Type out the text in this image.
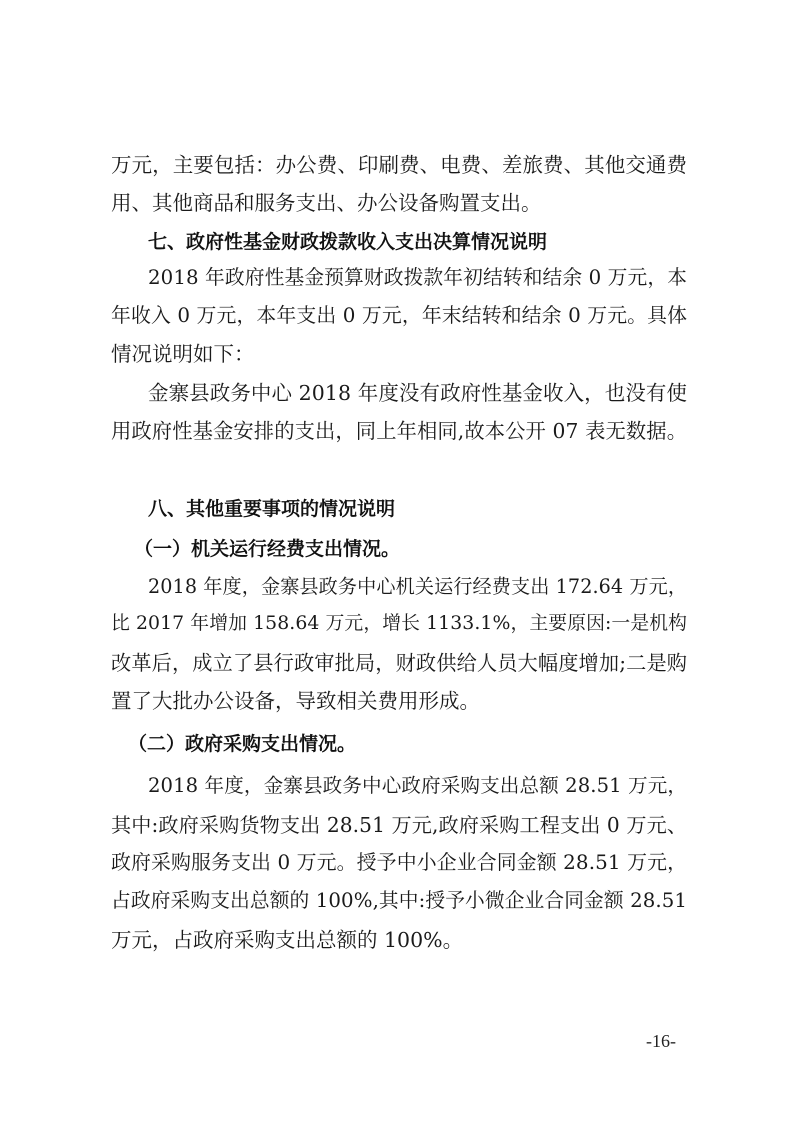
万元，主要包括：办公费、印刷费、电费、差旅费、其他交通费
用、其他商品和服务支出、办公设备购置支出。
七、政府性基金财政拨款收入支出决算情况说明
2018 年政府性基金预算财政拨款年初结转和结余 0 万元，本
年收入 0 万元，本年支出 0 万元，年末结转和结余 0 万元。具体
情况说明如下：
金寨县政务中心 2018 年度没有政府性基金收入，也没有使
用政府性基金安排的支出，同上年相同,故本公开 07 表无数据。
八、其他重要事项的情况说明
（一）机关运行经费支出情况。
2018 年度，金寨县政务中心机关运行经费支出 172.64 万元，
比 2017 年增加 158.64 万元，增长 1133.1%，主要原因:一是机构
改革后，成立了县行政审批局，财政供给人员大幅度增加;二是购
置了大批办公设备，导致相关费用形成。
（二）政府采购支出情况。
2018 年度，金寨县政务中心政府采购支出总额 28.51 万元，
其中:政府采购货物支出 28.51 万元,政府采购工程支出 0 万元、
政府采购服务支出 0 万元。授予中小企业合同金额 28.51 万元，
占政府采购支出总额的 100%,其中:授予小微企业合同金额 28.51
万元，占政府采购支出总额的 100%。
-16-
